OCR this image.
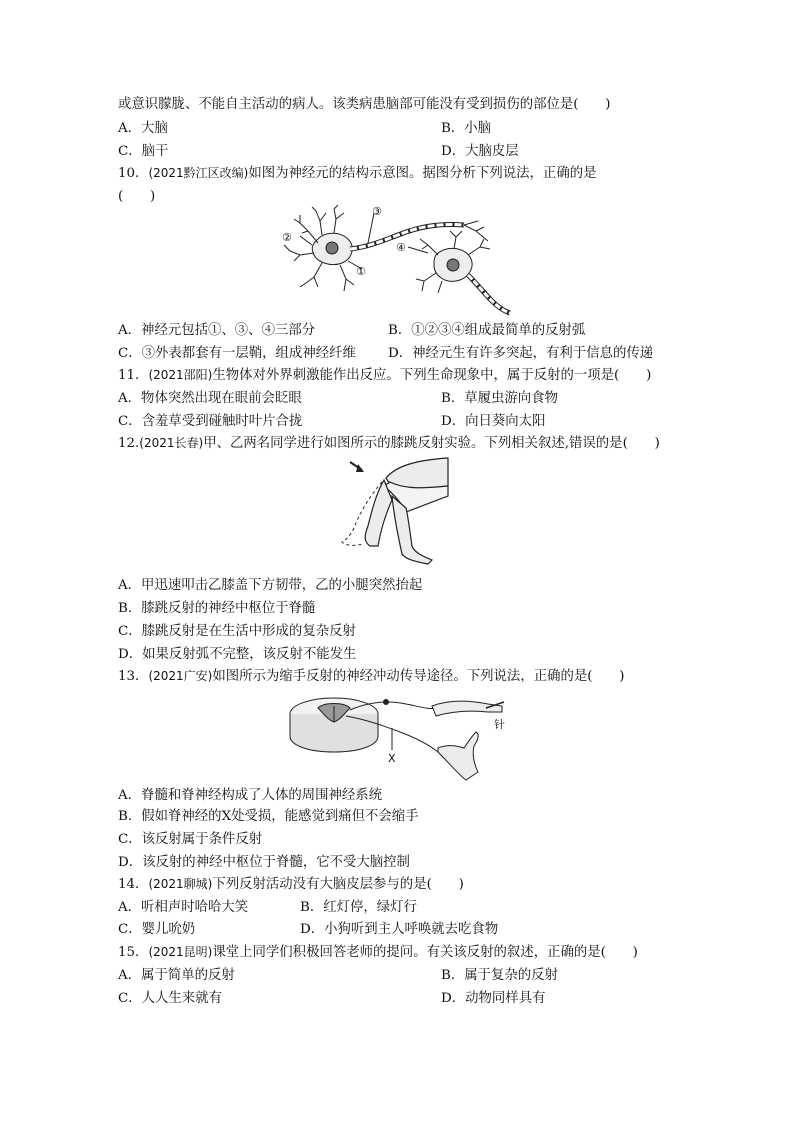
或意识朦胧、不能自主活动的病人。该类病患脑部可能没有受到损伤的部位是(　　)
A．大脑	B．小脑
C．脑干	D．大脑皮层
10．(2021黔江区改编)如图为神经元的结构示意图。据图分析下列说法，正确的是
(　　)
①
②
③
④
A．神经元包括①、③、④三部分	B．①②③④组成最简单的反射弧
C．③外表都套有一层鞘，组成神经纤维 D．神经元生有许多突起，有利于信息的传递
11．(2021邵阳)生物体对外界刺激能作出反应。下列生命现象中，属于反射的一项是(　　)
A．物体突然出现在眼前会眨眼	B．草履虫游向食物
C．含羞草受到碰触时叶片合拢	D．向日葵向太阳
12.(2021长春)甲、乙两名同学进行如图所示的膝跳反射实验。下列相关叙述,错误的是(　　)
A．甲迅速叩击乙膝盖下方韧带，乙的小腿突然抬起
B．膝跳反射的神经中枢位于脊髓
C．膝跳反射是在生活中形成的复杂反射
D．如果反射弧不完整，该反射不能发生
13．(2021广安)如图所示为缩手反射的神经冲动传导途径。下列说法，正确的是(　　)
X
针
A．脊髓和脊神经构成了人体的周围神经系统
B．假如脊神经的X处受损，能感觉到痛但不会缩手
C．该反射属于条件反射
D．该反射的神经中枢位于脊髓，它不受大脑控制
14．(2021聊城)下列反射活动没有大脑皮层参与的是(　　)
A．听相声时哈哈大笑	B．红灯停，绿灯行
C．婴儿吮奶	D．小狗听到主人呼唤就去吃食物
15．(2021昆明)课堂上同学们积极回答老师的提问。有关该反射的叙述，正确的是(　　)
A．属于简单的反射	B．属于复杂的反射
C．人人生来就有	D．动物同样具有
